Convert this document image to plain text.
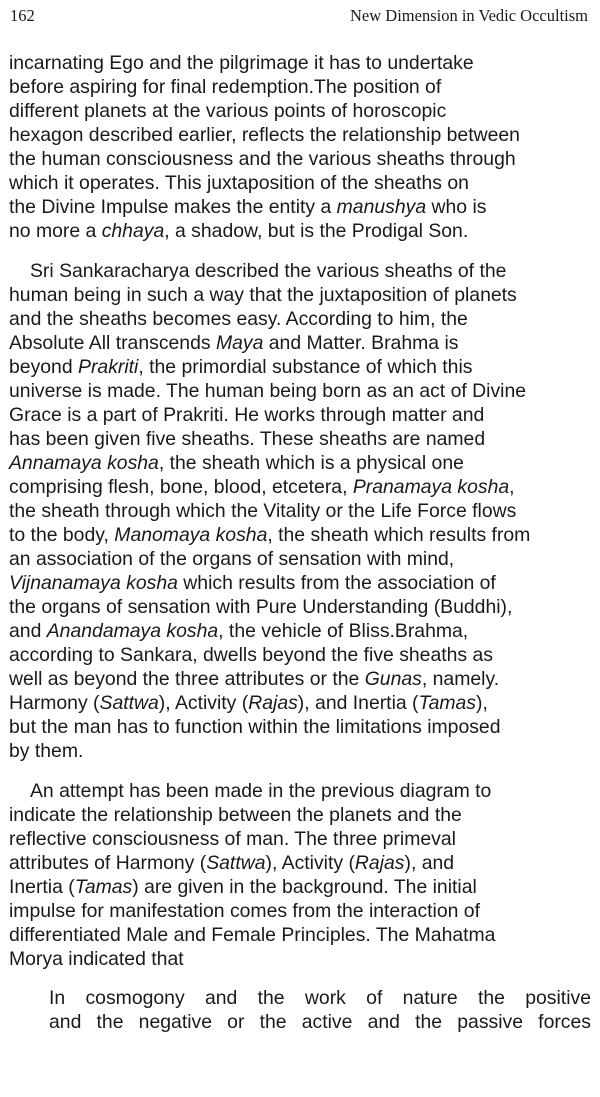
162	New Dimension in Vedic Occultism

incarnating Ego and the pilgrimage it has to undertake
before aspiring for final redemption.The position of
different planets at the various points of horoscopic
hexagon described earlier, reflects the relationship between
the human consciousness and the various sheaths through
which it operates. This juxtaposition of the sheaths on
the Divine Impulse makes the entity a manushya who is
no more a chhaya, a shadow, but is the Prodigal Son.

Sri Sankaracharya described the various sheaths of the
human being in such a way that the juxtaposition of planets
and the sheaths becomes easy. According to him, the
Absolute All transcends Maya and Matter. Brahma is
beyond Prakriti, the primordial substance of which this
universe is made. The human being born as an act of Divine
Grace is a part of Prakriti. He works through matter and
has been given five sheaths. These sheaths are named
Annamaya kosha, the sheath which is a physical one
comprising flesh, bone, blood, etcetera, Pranamaya kosha,
the sheath through which the Vitality or the Life Force flows
to the body, Manomaya kosha, the sheath which results from
an association of the organs of sensation with mind,
Vijnanamaya kosha which results from the association of
the organs of sensation with Pure Understanding (Buddhi),
and Anandamaya kosha, the vehicle of Bliss.Brahma,
according to Sankara, dwells beyond the five sheaths as
well as beyond the three attributes or the Gunas, namely.
Harmony (Sattwa), Activity (Rajas), and Inertia (Tamas),
but the man has to function within the limitations imposed
by them.

An attempt has been made in the previous diagram to
indicate the relationship between the planets and the
reflective consciousness of man. The three primeval
attributes of Harmony (Sattwa), Activity (Rajas), and
Inertia (Tamas) are given in the background. The initial
impulse for manifestation comes from the interaction of
differentiated Male and Female Principles. The Mahatma
Morya indicated that

In cosmogony and the work of nature the positive
and the negative or the active and the passive forces
